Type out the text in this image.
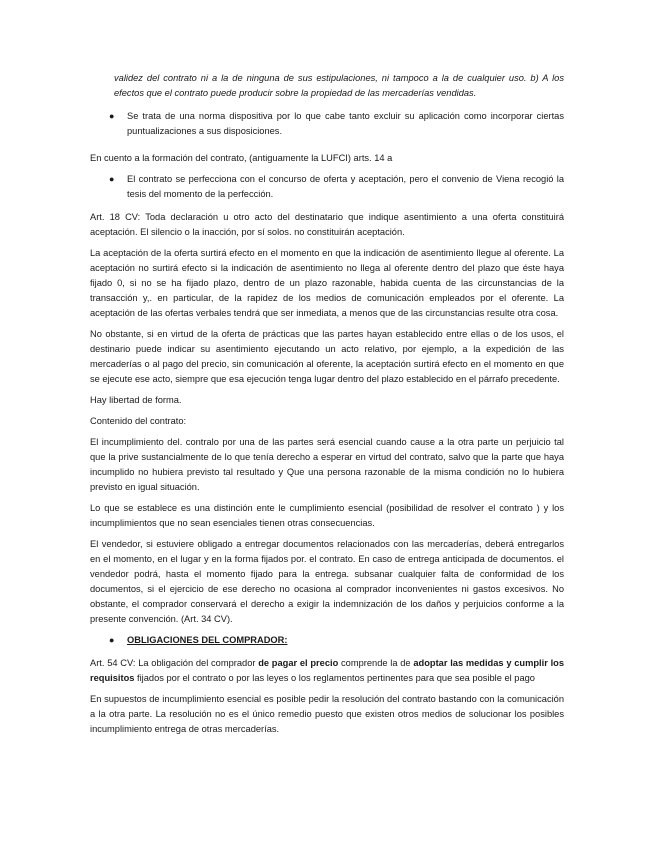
validez del contrato ni a la de ninguna de sus estipulaciones, ni tampoco a la de cualquier uso. b) A los efectos que el contrato puede producir sobre la propiedad de las mercaderías vendidas.

● Se trata de una norma dispositiva por lo que cabe tanto excluir su aplicación como incorporar ciertas puntualizaciones a sus disposiciones.

En cuento a la formación del contrato, (antiguamente la LUFCI) arts. 14 a

● El contrato se perfecciona con el concurso de oferta y aceptación, pero el convenio de Viena recogió la tesis del momento de la perfección.

Art. 18 CV: Toda declaración u otro acto del destinatario que indique asentimiento a una oferta constituirá aceptación. El silencio o la inacción, por sí solos. no constituirán aceptación.

La aceptación de la oferta surtirá efecto en el momento en que la indicación de asentimiento llegue al oferente. La aceptación no surtirá efecto si la indicación de asentimiento no llega al oferente dentro del plazo que éste haya fijado 0, si no se ha fijado plazo, dentro de un plazo razonable, habida cuenta de las circunstancias de la transacción y,. en particular, de la rapidez de los medios de comunicación empleados por el oferente. La aceptación de las ofertas verbales tendrá que ser inmediata, a menos que de las circunstancias resulte otra cosa.

No obstante, si en virtud de la oferta de prácticas que las partes hayan establecido entre ellas o de los usos, el destinario puede indicar su asentimiento ejecutando un acto relativo, por ejemplo, a la expedición de las mercaderías o al pago del precio, sin comunicación al oferente, la aceptación surtirá efecto en el momento en que se ejecute ese acto, siempre que esa ejecución tenga lugar dentro del plazo establecido en el párrafo precedente.

Hay libertad de forma.

Contenido del contrato:

El incumplimiento del. contralo por una de las partes será esencial cuando cause a la otra parte un perjuicio tal que la prive sustancialmente de lo que tenía derecho a esperar en virtud del contrato, salvo que la parte que haya incumplido no hubiera previsto tal resultado y Que una persona razonable de la misma condición no lo hubiera previsto en igual situación.

Lo que se establece es una distinción ente le cumplimiento esencial (posibilidad de resolver el contrato ) y los incumplimientos que no sean esenciales tienen otras consecuencias.

El vendedor, si estuviere obligado a entregar documentos relacionados con las mercaderías, deberá entregarlos en el momento, en el lugar y en la forma fijados por. el contrato. En caso de entrega anticipada de documentos. el vendedor podrá, hasta el momento fijado para la entrega. subsanar cualquier falta de conformidad de los documentos, si el ejercicio de ese derecho no ocasiona al comprador inconvenientes ni gastos excesivos. No obstante, el comprador conservará el derecho a exigir la indemnización de los daños y perjuicios conforme a la presente convención. (Art. 34 CV).

● OBLIGACIONES DEL COMPRADOR:

Art. 54 CV: La obligación del comprador de pagar el precio comprende la de adoptar las medidas y cumplir los requisitos fijados por el contrato o por las leyes o los reglamentos pertinentes para que sea posible el pago

En supuestos de incumplimiento esencial es posible pedir la resolución del contrato bastando con la comunicación a la otra parte. La resolución no es el único remedio puesto que existen otros medios de solucionar los posibles incumplimiento entrega de otras mercaderías.
